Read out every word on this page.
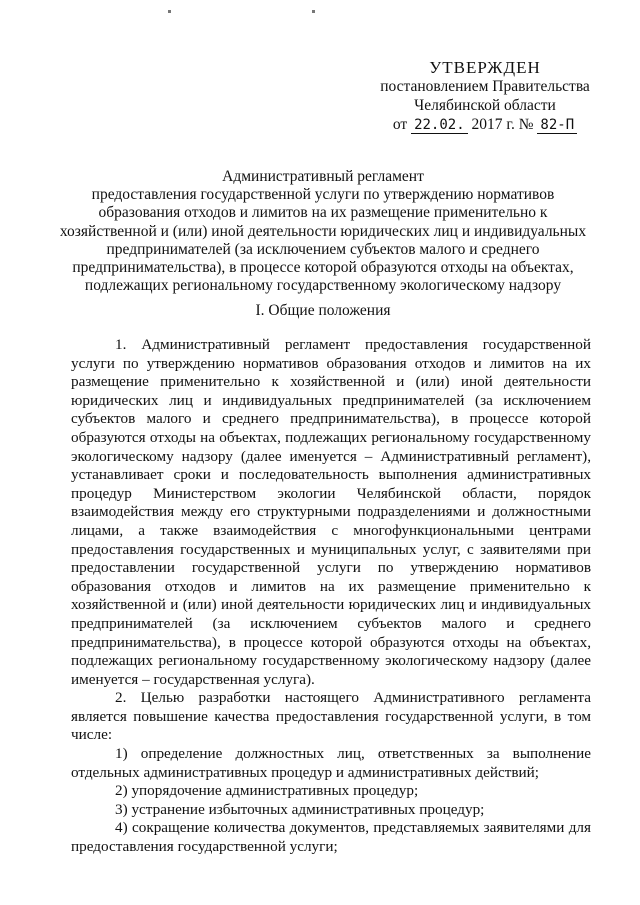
УТВЕРЖДЕН
постановлением Правительства
Челябинской области
от 22.02. 2017 г. № 82-П
Административный регламент
предоставления государственной услуги по утверждению нормативов образования отходов и лимитов на их размещение применительно к хозяйственной и (или) иной деятельности юридических лиц и индивидуальных предпринимателей (за исключением субъектов малого и среднего предпринимательства), в процессе которой образуются отходы на объектах, подлежащих региональному государственному экологическому надзору
I. Общие положения

1. Административный регламент предоставления государственной услуги по утверждению нормативов образования отходов и лимитов на их размещение применительно к хозяйственной и (или) иной деятельности юридических лиц и индивидуальных предпринимателей (за исключением субъектов малого и среднего предпринимательства), в процессе которой образуются отходы на объектах, подлежащих региональному государственному экологическому надзору (далее именуется – Административный регламент), устанавливает сроки и последовательность выполнения административных процедур Министерством экологии Челябинской области, порядок взаимодействия между его структурными подразделениями и должностными лицами, а также взаимодействия с многофункциональными центрами предоставления государственных и муниципальных услуг, с заявителями при предоставлении государственной услуги по утверждению нормативов образования отходов и лимитов на их размещение применительно к хозяйственной и (или) иной деятельности юридических лиц и индивидуальных предпринимателей (за исключением субъектов малого и среднего предпринимательства), в процессе которой образуются отходы на объектах, подлежащих региональному государственному экологическому надзору (далее именуется – государственная услуга).

2. Целью разработки настоящего Административного регламента является повышение качества предоставления государственной услуги, в том числе:

1) определение должностных лиц, ответственных за выполнение отдельных административных процедур и административных действий;

2) упорядочение административных процедур;

3) устранение избыточных административных процедур;

4) сокращение количества документов, представляемых заявителями для предоставления государственной услуги;
